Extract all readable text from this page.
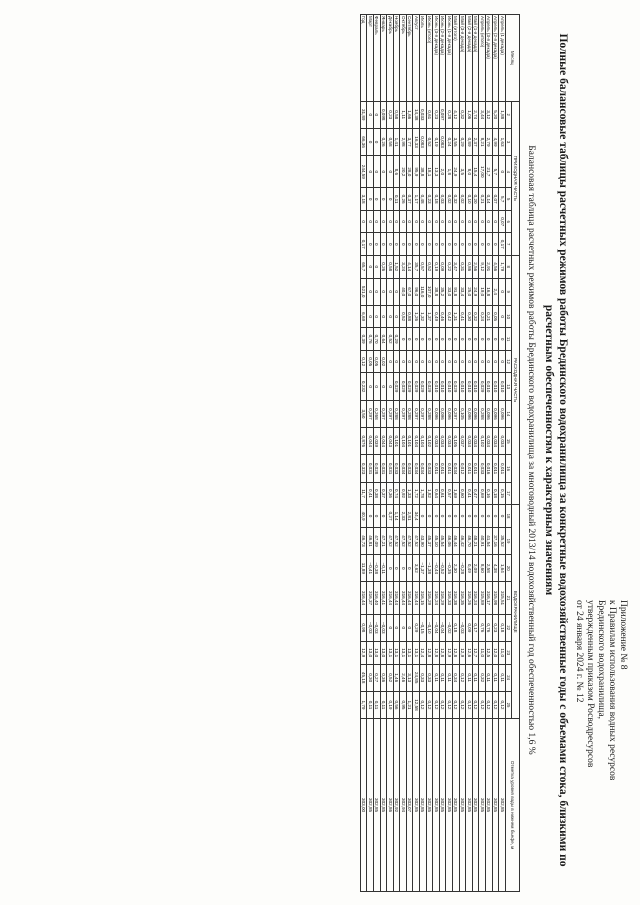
Приложение № 8
к Правилам использования водных ресурсов
Брединского водохранилища,
утвержденным приказом Росводресурсов
от 24 января 2024 г. № 12
Полные балансовые таблицы расчетных режимов работы Брединского водохранилища за конкретные водохозяйственные годы с объемами стока, близкими по расчетным обеспеченностям к характерным значениям
Балансовая таблица расчетных режимов работы Брединского водохранилища за многоводный 2013/14 водохозяйственный год обеспеченностью 1,6 %
Месяц	ПРИХОДНАЯ ЧАСТЬ						РАСХОДНАЯ ЧАСТЬ										ВОДОХРАНИЛИЩЕ								Отметка уровня воды в нижнем бьефе, м
	2	3	4	5	6	7	8	9	10	11	12	13	14	15	16	17	18	19	20	21	22	23	24	25	
Апрель (1 декада)	1,88	1,63	0	5,7	0,07	0,17	1,79	0	0	0	0	0,010	0,096	0,034	0,011	0,15	0	35,52	1,64	315,51	0,18	11,0	0,11	0,12	302,85
Апрель (2-я декада)	5,20	4,99	5,7	0,07	0	0	4,56	2,4	0,05	0	0	0,010	0,096	0,034	0,011	0,18	0	37,16	4,38	315,98	0,23	12,0	0,11	0,12	302,85
Апрель (3-я декада)	3,12	2,79	21,7	0,14	0	0	2,91	16,8	0,21	0	0	0,010	0,096	0,034	0,016	0,16	0	41,54	2,58	316,17	0,76	12,5	0,11	0,12	302,85
Апрель (итого)	3,44	8,21	17,00	0,21	0	0	9,12	19,0	0,24	0	0	0,029	0,288	0,102	0,033	0,69	0	40,91	8,60	315,89	0,76	11,0	0,32	0,12	302,85
Май (1-я декада)	2,74	2,37	15,4	0,20	0	0	2,56	24,9	0,32	0	0	0,010	0,096	0,034	0,011	0,47	0	48,21	2,09	316,24	0,17	12,7	0,11	0,12	302,85
Май (2-я декада)	1,06	0,89	8,0	0,10	0	0	0,86	25,0	0,30	0	0	0,010	0,096	0,034	0,011	0,41	0	46,70	0,49	316,26	0,09	12,6	0,11	0,12	302,85
Май (3-я декада)	0,32	0,29	3,5	0,02	0	0	0,31	33,4	0,41	0	0	0,010	0,105	0,037	0,012	0,60	0	46,42	–0,28	316,35	–0,03	12,9	0,12	0,12	302,85
Май (итого)	4,12	3,55	24,9	0,32	0	0	3,47	91,8	1,31	0	0	0,029	0,297	0,105	0,034	1,69	0	46,44	2,30	316,38	0,18	12,8	0,34	0,12	302,85
Июнь (1-я декада)	0,28	0,24	1,8	0,02	0	0	0,22	33,0	0,42	0	0	0,010	0,096	0,034	0,011	0,57	0	46,06	–0,35	316,33	–0,02	12,9	0,11	0,12	302,85
Июнь (2-я декада)	0,097	0,083	2,0	0,03	0	0	0,09	35,2	0,46	0	0	0,010	0,096	0,034	0,011	0,61	0	45,54	–0,52	316,29	–0,04	12,8	0,11	0,12	302,85
Июнь (3-я декада)	0,23	0,19	13,3	0,18	0	0	0,19	38,8	0,49	0	0	0,010	0,096	0,034	0,011	0,64	0	45,10	–0,44	316,24	–0,04	12,8	0,11	0,12	302,85
Июнь (итого)	0,61	0,52	18,1	0,23	0	0	0,52	107,0	1,37	0	0	0,029	0,288	0,102	0,033	1,82	0	45,37	–1,38	316,29	–0,10	12,8	0,33	0,12	302,85
Июль	0,033	0,083	38,8	0,48	0	0	0,57	116,0	1,32	0	0	0,029	0,297	0,104	0,034	1,78	0	43,90	–1,37	316,15	–0,15	12,4	0,33	0,12	302,85
Август	14,38	16,33	95,9	1,17	0	0	35,7	96,0	1,26	0	0	0,029	0,297	0,104	0,034	1,72	34,4	47,52	3,62	316,44	0,29	13,1	24,85	12,58	302,85
Сентябрь	1,66	3,77	28,0	0,37	0	0	4,14	67,0	0,88	0	0	0,029	0,288	0,101	0,033	1,33	2,81	47,52	0	316,44	0	13,1	3,13	1,21	303,07
Октябрь	1,11	2,98	20,2	0,26	0	0	3,24	40,0	0,52	0	0	0,029	0,297	0,104	0,034	0,92	2,33	47,52	0	316,44	0	13,1	2,46	0,95	302,94
Ноябрь	0,58	1,41	8,6	0,11	0	0	1,52	0	0	0,29	0	0,029	0,288	0,101	0,033	0,74	1,14	47,52	0	316,44	0	13,1	1,46	0,56	302,92
Декабрь	0,23	0,58	0	0	0	0	0,58	0	0	0,52	0	0	0,297	0,043	0,031	0,36	0,27	47,52	0	316,44	0	13,1	0,52	0,19	302,86
Январь	0,098	0,26	0	0	0	0	0,26	0	0	0,64	0,02	0	0,297	0,044	0,031	0,37	0	47,21	–0,11	316,41	–0,03	13,0	0,36	0,11	302,85
Февраль	0	0	0	0	0	0	0	0	0	0,70	0,05	0	0,268	0,039	0,028	0,38	0	47,09	–0,38	316,40	–0,03	13,0	0,27	0,11	302,85
Март	0	0	0	0	0	0	0	0	0	0,76	0,05	0	0,297	0,044	0,031	0,41	0	46,81	–0,41	316,37	–0,03	13,0	0,30	0,11	302,85
Год	31,89	66,36	244,59	3,18	0	0,17	65,7	521,0	6,69	0,39	0,12	0,232	3,50	0,876	0,323	11,7	40,9	46,73	11,89	316,44	0,98	12,9	45,18	1,79	303,00
